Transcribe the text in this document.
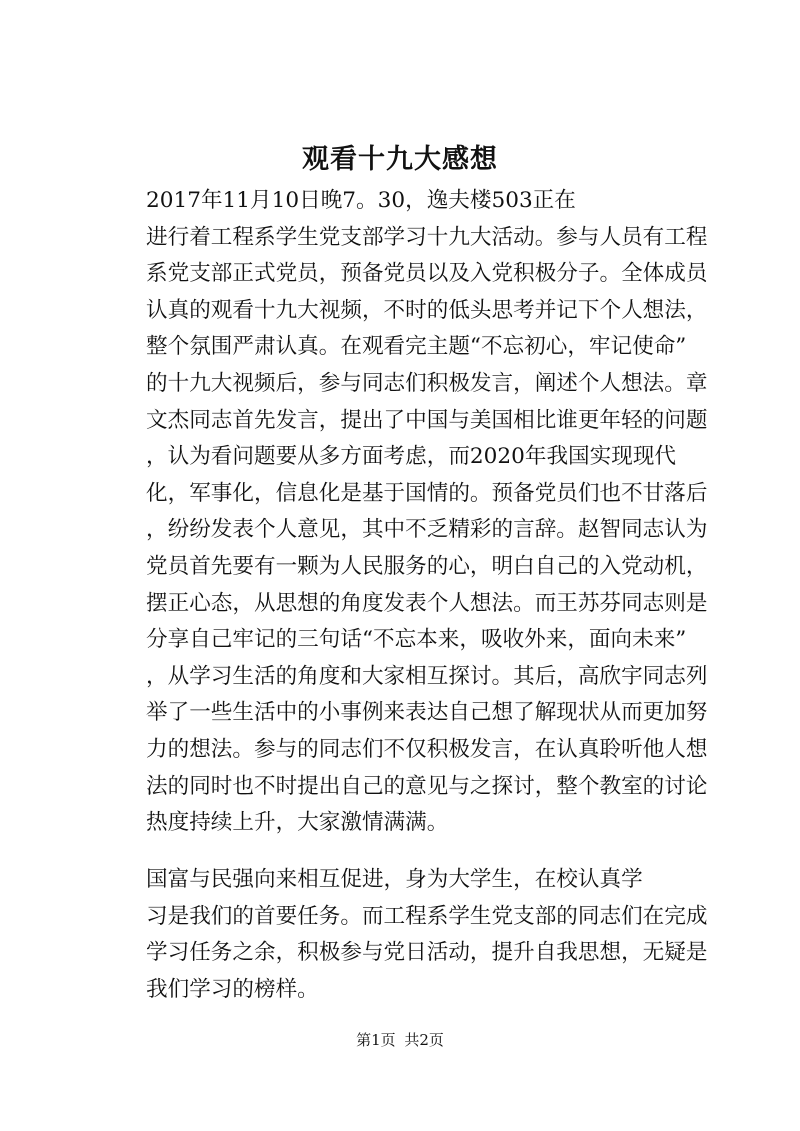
观看十九大感想

2017年11月10日晚7。30，逸夫楼503正在
进行着工程系学生党支部学习十九大活动。参与人员有工程
系党支部正式党员，预备党员以及入党积极分子。全体成员
认真的观看十九大视频，不时的低头思考并记下个人想法，
整个氛围严肃认真。在观看完主题“不忘初心，牢记使命”
的十九大视频后，参与同志们积极发言，阐述个人想法。章
文杰同志首先发言，提出了中国与美国相比谁更年轻的问题
，认为看问题要从多方面考虑，而2020年我国实现现代
化，军事化，信息化是基于国情的。预备党员们也不甘落后
，纷纷发表个人意见，其中不乏精彩的言辞。赵智同志认为
党员首先要有一颗为人民服务的心，明白自己的入党动机，
摆正心态，从思想的角度发表个人想法。而王苏芬同志则是
分享自己牢记的三句话“不忘本来，吸收外来，面向未来”
，从学习生活的角度和大家相互探讨。其后，高欣宇同志列
举了一些生活中的小事例来表达自己想了解现状从而更加努
力的想法。参与的同志们不仅积极发言，在认真聆听他人想
法的同时也不时提出自己的意见与之探讨，整个教室的讨论
热度持续上升，大家激情满满。

国富与民强向来相互促进，身为大学生，在校认真学
习是我们的首要任务。而工程系学生党支部的同志们在完成
学习任务之余，积极参与党日活动，提升自我思想，无疑是
我们学习的榜样。

第1页 共2页
